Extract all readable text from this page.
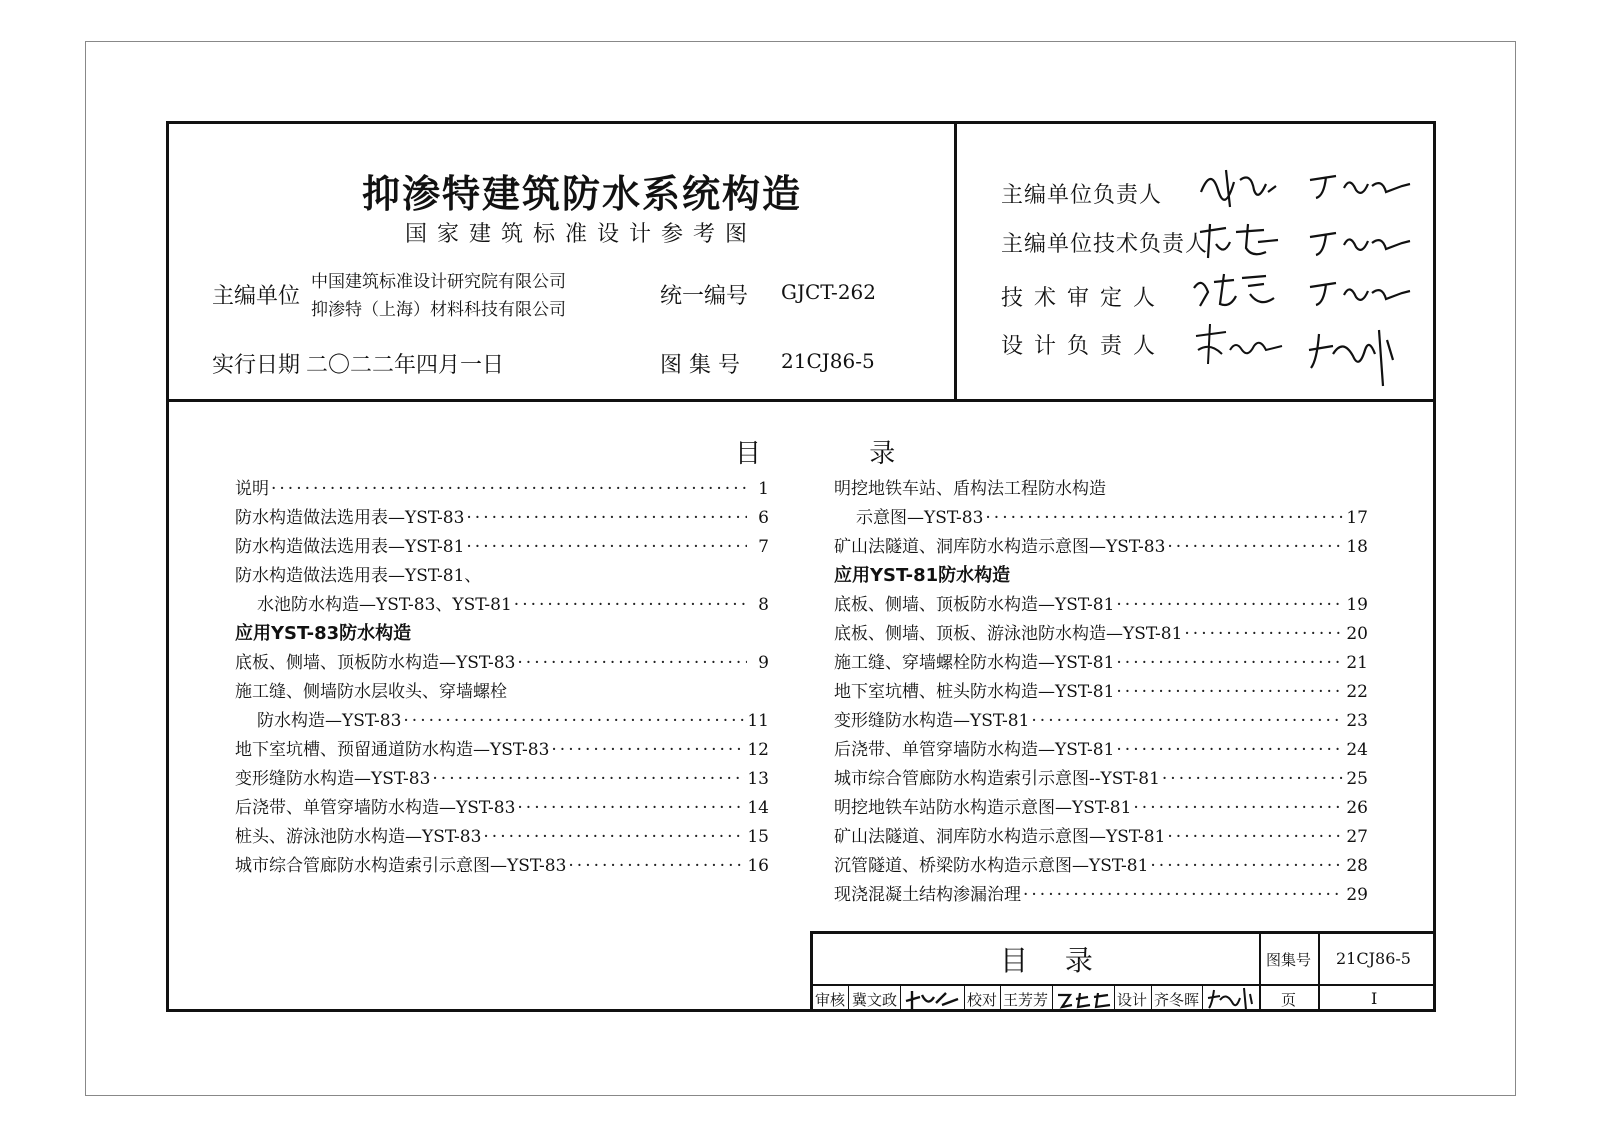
抑渗特建筑防水系统构造
国家建筑标准设计参考图
主编单位
中国建筑标准设计研究院有限公司
抑渗特（上海）材料科技有限公司
统一编号 GJCT-262
实行日期 二〇二二年四月一日	图 集 号 21CJ86-5
主编单位负责人
主编单位技术负责人
技术审定人
设计负责人
目 录
说明 ·····	1
防水构造做法选用表—YST-83 ·····	6
防水构造做法选用表—YST-81 ·····	7
防水构造做法选用表—YST-81、
水池防水构造—YST-83、YST-81 ·····	8
应用YST-83防水构造
底板、侧墙、顶板防水构造—YST-83 ·····	9
施工缝、侧墙防水层收头、穿墙螺栓
防水构造—YST-83 ·····	11
地下室坑槽、预留通道防水构造—YST-83 ·····	12
变形缝防水构造—YST-83 ·····	13
后浇带、单管穿墙防水构造—YST-83 ·····	14
桩头、游泳池防水构造—YST-83 ·····	15
城市综合管廊防水构造索引示意图—YST-83 ·····	16
明挖地铁车站、盾构法工程防水构造
示意图—YST-83 ·····	17
矿山法隧道、洞库防水构造示意图—YST-83 ·····	18
应用YST-81防水构造
底板、侧墙、顶板防水构造—YST-81 ·····	19
底板、侧墙、顶板、游泳池防水构造—YST-81 ·····	20
施工缝、穿墙螺栓防水构造—YST-81 ·····	21
地下室坑槽、桩头防水构造—YST-81 ·····	22
变形缝防水构造—YST-81 ·····	23
后浇带、单管穿墙防水构造—YST-81 ·····	24
城市综合管廊防水构造索引示意图--YST-81 ·····	25
明挖地铁车站防水构造示意图—YST-81 ·····	26
矿山法隧道、洞库防水构造示意图—YST-81 ·····	27
沉管隧道、桥梁防水构造示意图—YST-81 ·····	28
现浇混凝土结构渗漏治理 ·····	29
目 录	图集号 21CJ86-5
审核 冀文政	校对 王芳芳	设计 齐冬晖	页	I
